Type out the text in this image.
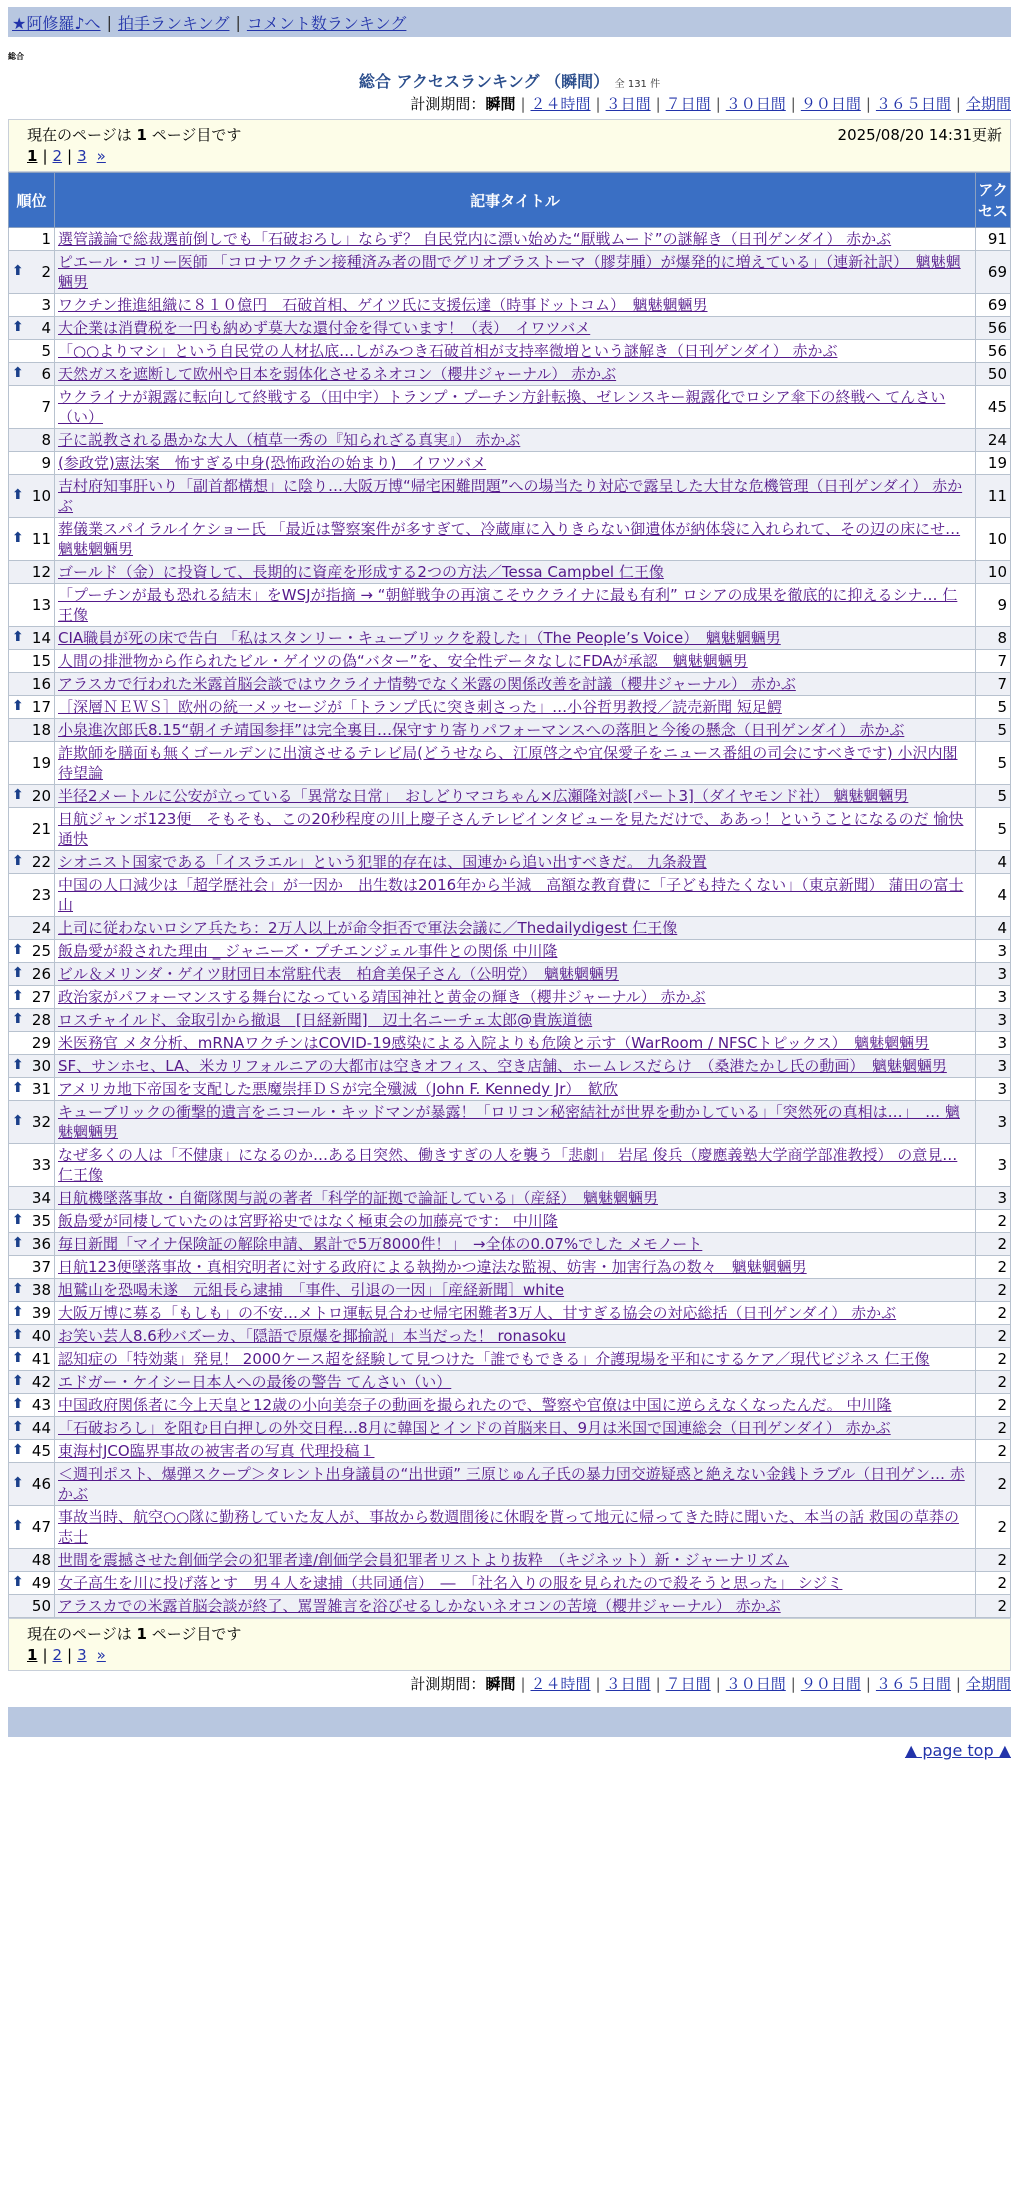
★阿修羅♪へ | 拍手ランキング | コメント数ランキング
総合
総合 アクセスランキング （瞬間） 全 131 件
計測期間：瞬間 | ２４時間 | ３日間 | ７日間 | ３０日間 | ９０日間 | ３６５日間 | 全期間
現在のページは 1 ページ目です	2025/08/20 14:31更新
1 | 2 | 3 »
順位	記事タイトル	アクセス
1	選管議論で総裁選前倒しでも「石破おろし」ならず？ 自民党内に漂い始めた“厭戦ムード”の謎解き（日刊ゲンダイ） 赤かぶ	91

⬆ 2	ピエール・コリー医師 「コロナワクチン接種済み者の間でグリオブラストーマ（膠芽腫）が爆発的に増えている」（連新社訳）　魑魅魍魎男	69
3	ワクチン推進組織に８１０億円　石破首相、ゲイツ氏に支援伝達（時事ドットコム）　魑魅魍魎男	69

⬆ 4	大企業は消費税を一円も納めず莫大な還付金を得ています！（表）　イワツバメ	56
5	「○○よりマシ」という自民党の人材払底…しがみつき石破首相が支持率微増という謎解き（日刊ゲンダイ） 赤かぶ	56

⬆ 6	天然ガスを遮断して欧州や日本を弱体化させるネオコン（櫻井ジャーナル） 赤かぶ	50
7	ウクライナが親露に転向して終戦する（田中宇）トランプ・プーチン方針転換、ゼレンスキー親露化でロシア傘下の終戦へ てんさい（い）	45
8	子に説教される愚かな大人（植草一秀の『知られざる真実』） 赤かぶ	24
9	(参政党)憲法案　怖すぎる中身(恐怖政治の始まり)　イワツバメ	19

⬆ 10	吉村府知事肝いり「副首都構想」に陰り…大阪万博“帰宅困難問題”への場当たり対応で露呈した大甘な危機管理（日刊ゲンダイ） 赤かぶ	11

⬆ 11	葬儀業スパイラルイケショー氏 「最近は警察案件が多すぎて、冷蔵庫に入りきらない御遺体が納体袋に入れられて、その辺の床にせ… 魑魅魍魎男	10
12	ゴールド（金）に投資して、長期的に資産を形成する2つの方法／Tessa Campbel 仁王像	10
13	「プーチンが最も恐れる結末」をWSJが指摘 → “朝鮮戦争の再演こそウクライナに最も有利” ロシアの成果を徹底的に抑えるシナ… 仁王像	9

⬆ 14	CIA職員が死の床で告白 「私はスタンリー・キューブリックを殺した」（The People’s Voice）　魑魅魍魎男	8
15	人間の排泄物から作られたビル・ゲイツの偽“バター”を、安全性データなしにFDAが承認　魑魅魍魎男	7
16	アラスカで行われた米露首脳会談ではウクライナ情勢でなく米露の関係改善を討議（櫻井ジャーナル） 赤かぶ	7

⬆ 17	［深層ＮＥＷＳ］欧州の統一メッセージが「トランプ氏に突き刺さった」…小谷哲男教授／読売新聞 短足鰐	5
18	小泉進次郎氏8.15“朝イチ靖国参拝”は完全裏目…保守すり寄りパフォーマンスへの落胆と今後の懸念（日刊ゲンダイ） 赤かぶ	5
19	詐欺師を膳面も無くゴールデンに出演させるテレビ局(どうせなら、江原啓之や宜保愛子をニュース番組の司会にすべきです) 小沢内閣待望論	5

⬆ 20	半径2メートルに公安が立っている「異常な日常」　おしどりマコちゃん×広瀬隆対談[パート3]（ダイヤモンド社） 魑魅魍魎男	5
21	日航ジャンボ123便　そもそも、この20秒程度の川上慶子さんテレビインタビューを見ただけで、ああっ！ということになるのだ 愉快通快	5

⬆ 22	シオニスト国家である「イスラエル」という犯罪的存在は、国連から追い出すべきだ。 九条殺置	4
23	中国の人口減少は「超学歴社会」が一因か　出生数は2016年から半減　高額な教育費に「子ども持たくない」（東京新聞） 蒲田の富士山	4
24	上司に従わないロシア兵たち：2万人以上が命令拒否で軍法会議に／Thedailydigest 仁王像	4

⬆ 25	飯島愛が殺された理由 _ ジャニーズ・プチエンジェル事件との関係 中川隆	3

⬆ 26	ビル＆メリンダ・ゲイツ財団日本常駐代表　柏倉美保子さん（公明党）　魑魅魍魎男	3

⬆ 27	政治家がパフォーマンスする舞台になっている靖国神社と黄金の輝き（櫻井ジャーナル） 赤かぶ	3

⬆ 28	ロスチャイルド、金取引から撤退　[日経新聞]　辺土名ニーチェ太郎@貴族道徳	3
29	米医務官 メタ分析、mRNAワクチンはCOVID-19感染による入院よりも危険と示す（WarRoom / NFSCトピックス）　魑魅魍魎男	3

⬆ 30	SF、サンホセ、LA、米カリフォルニアの大都市は空きオフィス、空き店舗、ホームレスだらけ　（桑港たかし氏の動画）　魑魅魍魎男	3

⬆ 31	アメリカ地下帝国を支配した悪魔崇拝ＤＳが完全殲滅（John F. Kennedy Jr）　歓欣	3

⬆ 32	キューブリックの衝撃的遺言をニコール・キッドマンが暴露！「ロリコン秘密結社が世界を動かしている」「突然死の真相は…」　… 魑魅魍魎男	3
33	なぜ多くの人は「不健康」になるのか…ある日突然、働きすぎの人を襲う「悲劇」 岩尾 俊兵（慶應義塾大学商学部准教授） の意見… 仁王像	3
34	日航機墜落事故・自衛隊関与説の著者「科学的証拠で論証している」（産経）　魑魅魍魎男	3

⬆ 35	飯島愛が同棲していたのは宮野裕史ではなく極東会の加藤亮です： 中川隆	2

⬆ 36	毎日新聞「マイナ保険証の解除申請、累計で5万8000件！」　→全体の0.07%でした メモノート	2
37	日航123便墜落事故・真相究明者に対する政府による執拗かつ違法な監視、妨害・加害行為の数々　魑魅魍魎男	2

⬆ 38	旭鷲山を恐喝未遂　元組長ら逮捕　「事件、引退の一因」［産経新聞］white	2

⬆ 39	大阪万博に募る「もしも」の不安…メトロ運転見合わせ帰宅困難者3万人、甘すぎる協会の対応総括（日刊ゲンダイ） 赤かぶ	2

⬆ 40	お笑い芸人8.6秒バズーカ、「隠語で原爆を揶揄説」本当だった！ ronasoku	2

⬆ 41	認知症の「特効薬」発見！ 2000ケース超を経験して見つけた「誰でもできる」介護現場を平和にするケア／現代ビジネス 仁王像	2

⬆ 42	エドガー・ケイシー日本人への最後の警告 てんさい（い）	2

⬆ 43	中国政府関係者に今上天皇と12歳の小向美奈子の動画を撮られたので、警察や官僚は中国に逆らえなくなったんだ。 中川隆	2

⬆ 44	「石破おろし」を阻む目白押しの外交日程…8月に韓国とインドの首脳来日、9月は米国で国連総会（日刊ゲンダイ） 赤かぶ	2

⬆ 45	東海村JCO臨界事故の被害者の写真 代理投稿１	2

⬆ 46	＜週刊ポスト、爆弾スクープ＞タレント出身議員の“出世頭” 三原じゅん子氏の暴力団交遊疑惑と絶えない金銭トラブル（日刊ゲン… 赤かぶ	2

⬆ 47	事故当時、航空○○隊に勤務していた友人が、事故から数週間後に休暇を貰って地元に帰ってきた時に聞いた、本当の話 救国の草莽の志士	2
48	世間を震撼させた創価学会の犯罪者達/創価学会員犯罪者リストより抜粋　（キジネット）新・ジャーナリズム	2

⬆ 49	女子高生を川に投げ落とす　男４人を逮捕（共同通信）　―　「社名入りの服を見られたので殺そうと思った」 シジミ	2
50	アラスカでの米露首脳会談が終了、罵詈雑言を浴びせるしかないネオコンの苦境（櫻井ジャーナル） 赤かぶ	2
現在のページは 1 ページ目です
1 | 2 | 3 »
計測期間：瞬間 | ２４時間 | ３日間 | ７日間 | ３０日間 | ９０日間 | ３６５日間 | 全期間
▲ page top ▲
